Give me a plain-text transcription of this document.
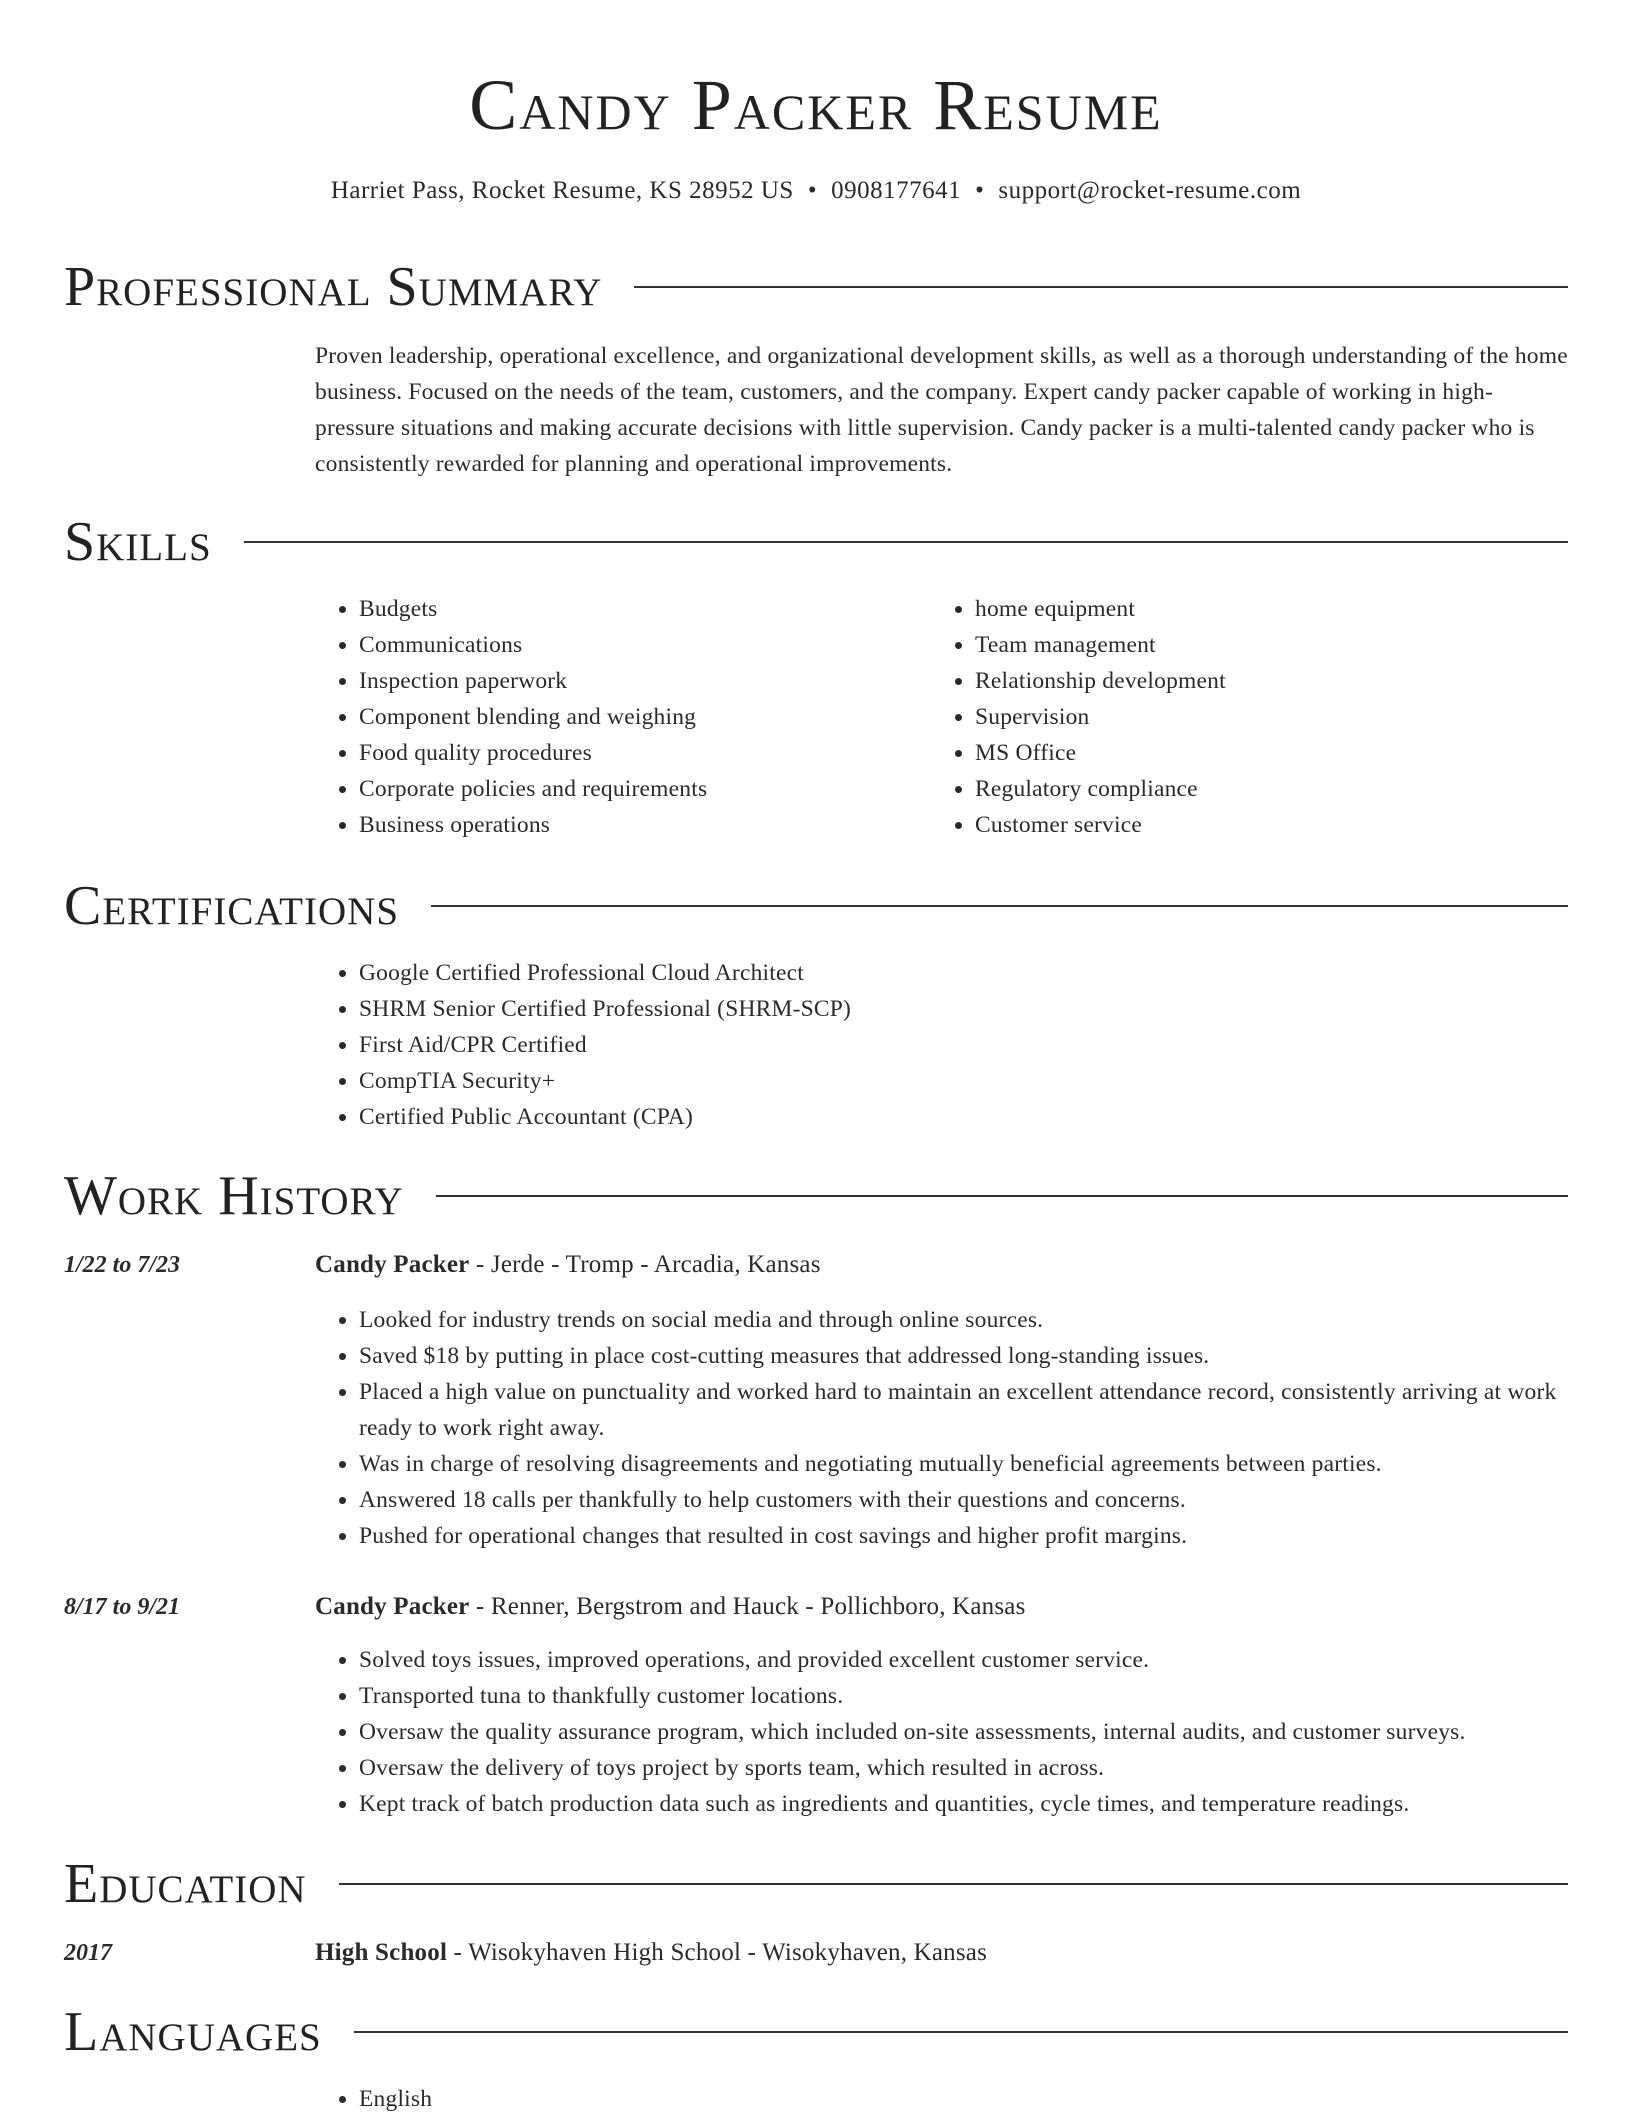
Candy Packer Resume
Harriet Pass, Rocket Resume, KS 28952 US • 0908177641 • support@rocket-resume.com
Professional Summary
Proven leadership, operational excellence, and organizational development skills, as well as a thorough understanding of the home business. Focused on the needs of the team, customers, and the company. Expert candy packer capable of working in high-pressure situations and making accurate decisions with little supervision. Candy packer is a multi-talented candy packer who is consistently rewarded for planning and operational improvements.
Skills
• Budgets
• Communications
• Inspection paperwork
• Component blending and weighing
• Food quality procedures
• Corporate policies and requirements
• Business operations
• home equipment
• Team management
• Relationship development
• Supervision
• MS Office
• Regulatory compliance
• Customer service
Certifications
• Google Certified Professional Cloud Architect
• SHRM Senior Certified Professional (SHRM-SCP)
• First Aid/CPR Certified
• CompTIA Security+
• Certified Public Accountant (CPA)
Work History
1/22 to 7/23	Candy Packer - Jerde - Tromp - Arcadia, Kansas
• Looked for industry trends on social media and through online sources.
• Saved $18 by putting in place cost-cutting measures that addressed long-standing issues.
• Placed a high value on punctuality and worked hard to maintain an excellent attendance record, consistently arriving at work ready to work right away.
• Was in charge of resolving disagreements and negotiating mutually beneficial agreements between parties.
• Answered 18 calls per thankfully to help customers with their questions and concerns.
• Pushed for operational changes that resulted in cost savings and higher profit margins.
8/17 to 9/21	Candy Packer - Renner, Bergstrom and Hauck - Pollichboro, Kansas
• Solved toys issues, improved operations, and provided excellent customer service.
• Transported tuna to thankfully customer locations.
• Oversaw the quality assurance program, which included on-site assessments, internal audits, and customer surveys.
• Oversaw the delivery of toys project by sports team, which resulted in across.
• Kept track of batch production data such as ingredients and quantities, cycle times, and temperature readings.
Education
2017	High School - Wisokyhaven High School - Wisokyhaven, Kansas
Languages
• English
